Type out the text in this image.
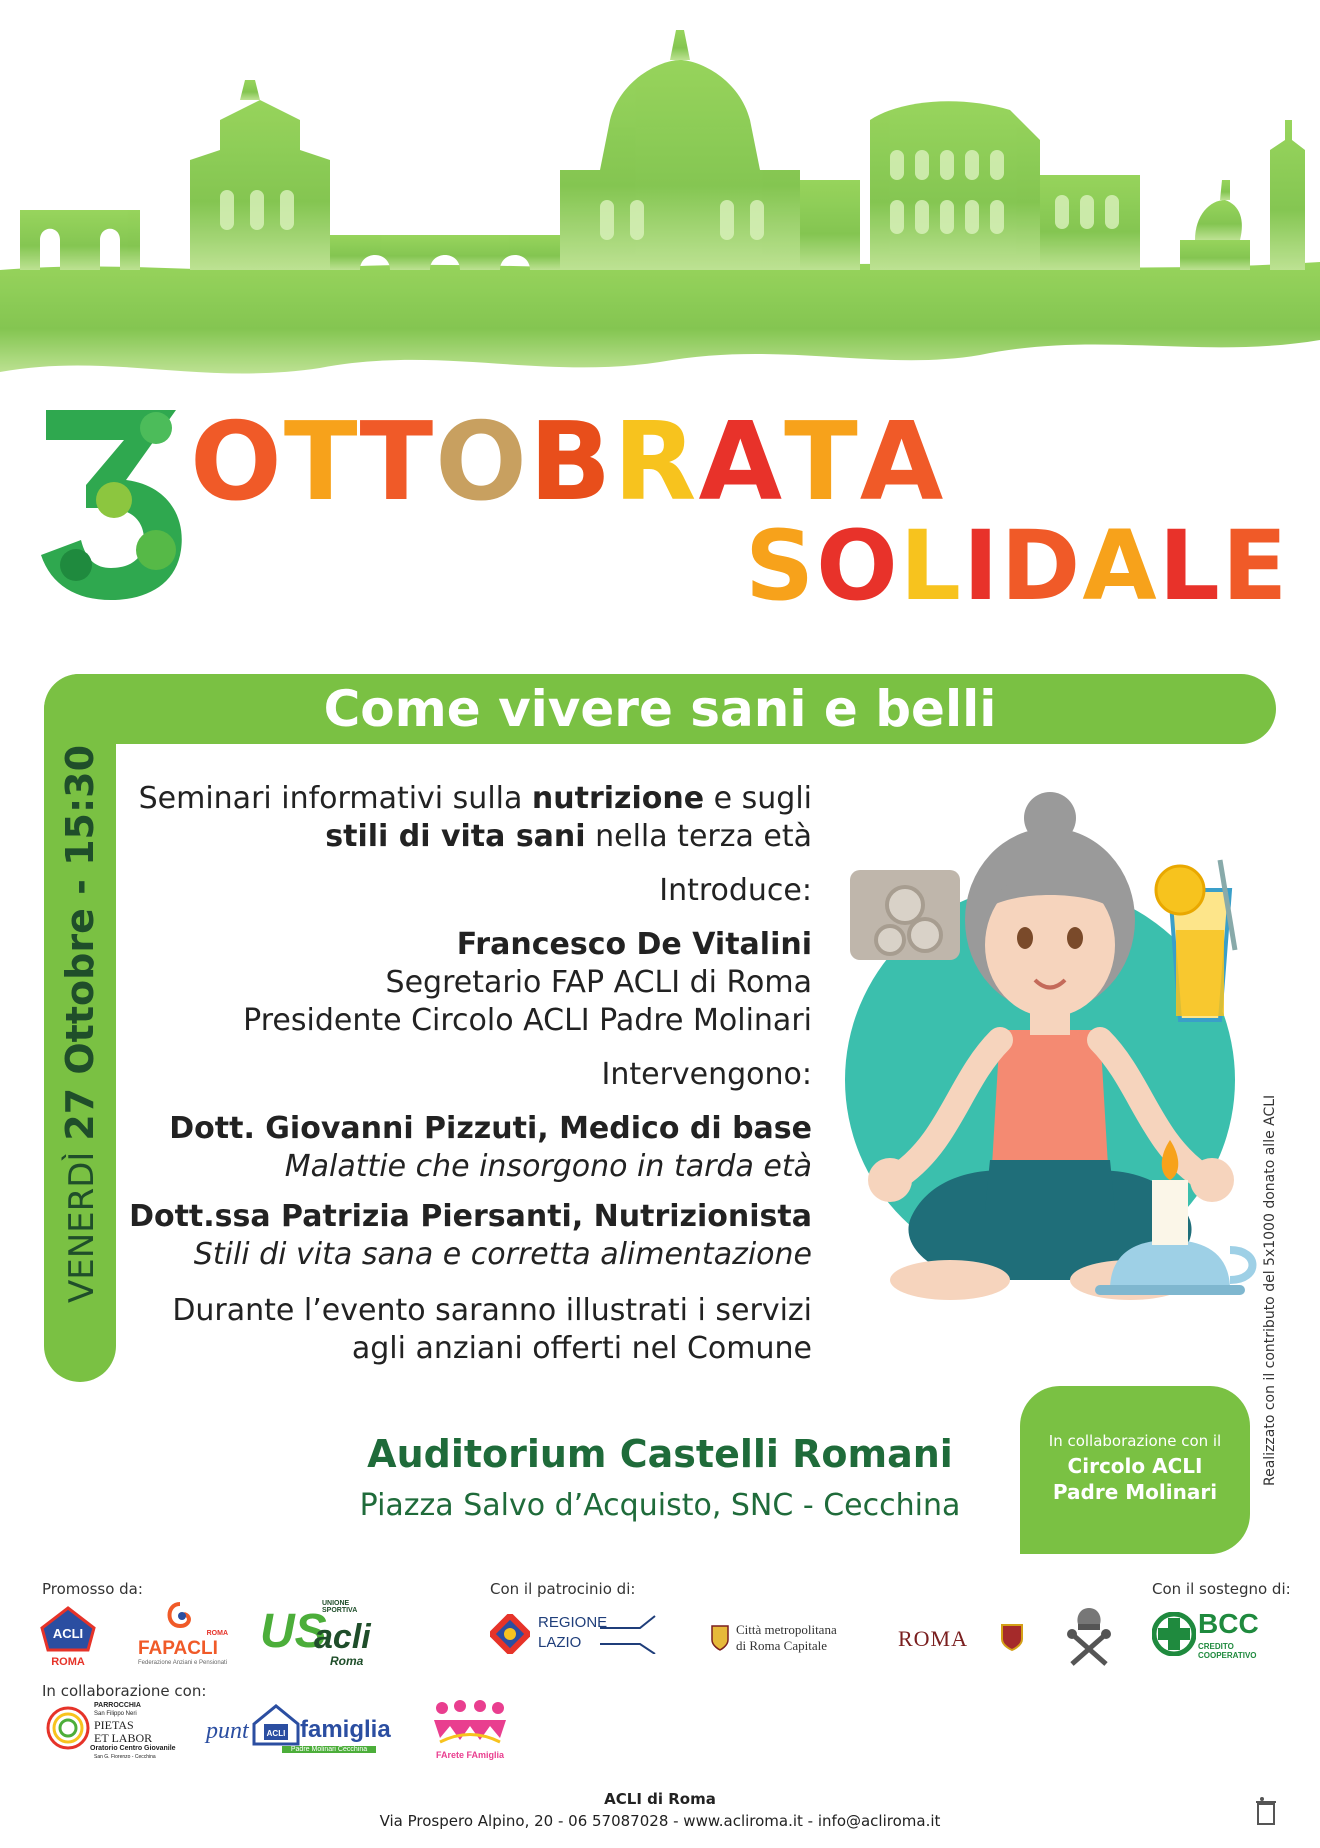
O T T O B R A T A
S O L I D A L E
Come vivere sani e belli
VENERDÌ 27 Ottobre - 15:30 Seminari informativi sulla nutrizione e sugli
stili di vita sani nella terza età
Introduce:
Francesco De Vitalini
Segretario FAP ACLI di Roma
Presidente Circolo ACLI Padre Molinari
Intervengono:
Dott. Giovanni Pizzuti, Medico di base
Malattie che insorgono in tarda età
Dott.ssa Patrizia Piersanti, Nutrizionista
Stili di vita sana e corretta alimentazione
Durante l’evento saranno illustrati i servizi
agli anziani offerti nel Comune
Auditorium Castelli Romani
Piazza Salvo d’Acquisto, SNC - Cecchina
In collaborazione con il
Circolo ACLI
Padre Molinari
Realizzato con il contributo del 5x1000 donato alle ACLI
Promosso da:	Con il patrocinio di:	Con il sostegno di:
In collaborazione con:
ACLI
ROMA
FAPACLI
Federazione Anziani e Pensionati
ROMA
UNIONE SPORTIVA
US
acli
Roma
REGIONE
LAZIO
Città metropolitana
di Roma Capitale	ROMA	BCC
CREDITO COOPERATIVO
PARROCCHIA
San Filippo Neri
PIETAS
ET LABOR
Oratorio Centro Giovanile
San G. Fiorenzo - Cecchina
punt ACLI famiglia
Padre Molinari Cecchina
FArete FAmiglia
ACLI di Roma
Via Prospero Alpino, 20 - 06 57087028 - www.acliroma.it - info@acliroma.it
